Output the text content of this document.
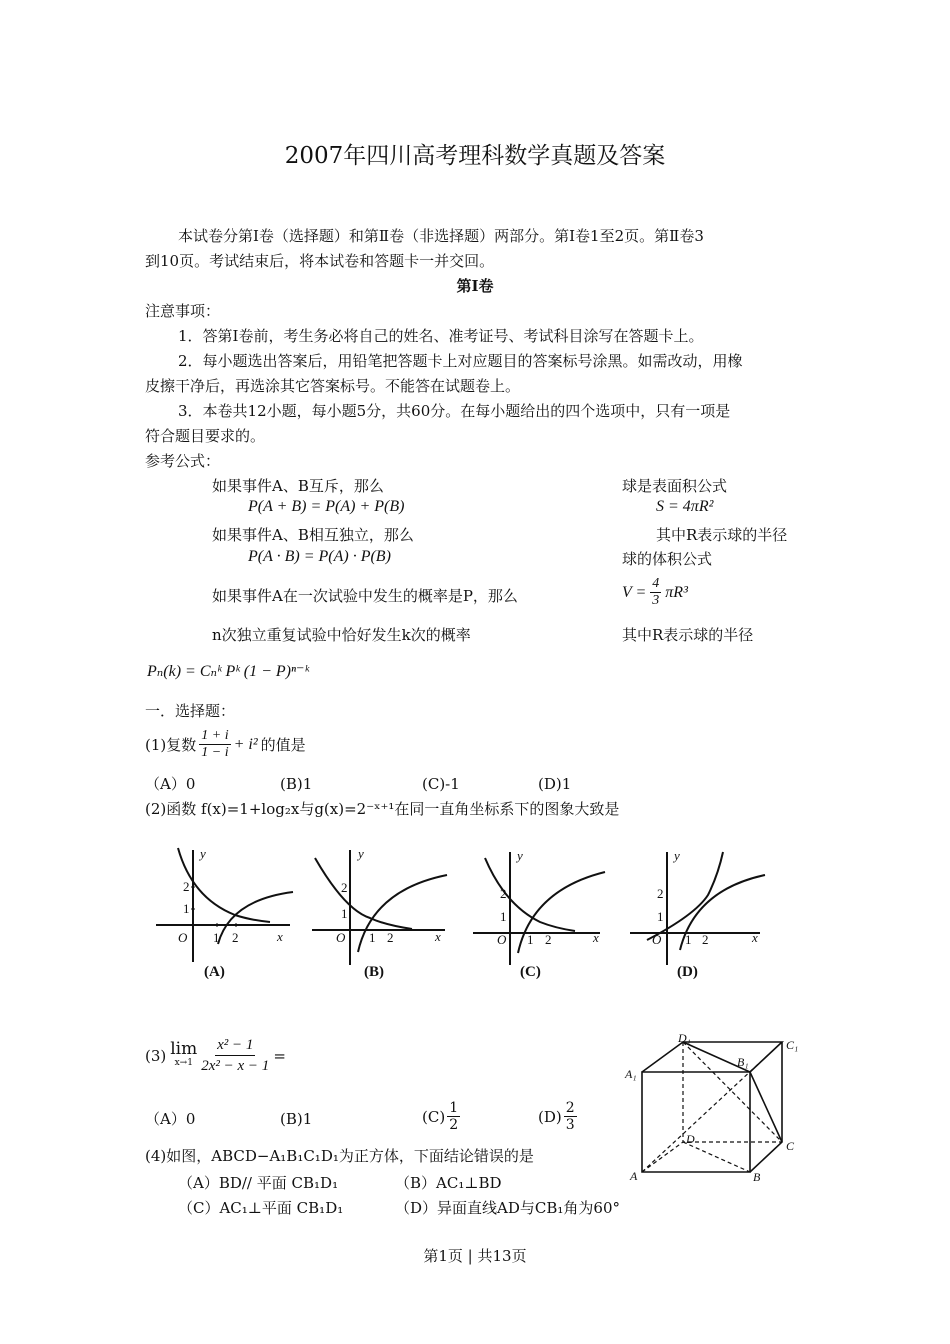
2007年四川高考理科数学真题及答案
本试卷分第Ⅰ卷（选择题）和第Ⅱ卷（非选择题）两部分。第Ⅰ卷1至2页。第Ⅱ卷3
到10页。考试结束后，将本试卷和答题卡一并交回。
第Ⅰ卷
注意事项：
1．答第Ⅰ卷前，考生务必将自己的姓名、准考证号、考试科目涂写在答题卡上。
2．每小题选出答案后，用铅笔把答题卡上对应题目的答案标号涂黑。如需改动，用橡
皮擦干净后，再选涂其它答案标号。不能答在试题卷上。
3．本卷共12小题，每小题5分，共60分。在每小题给出的四个选项中，只有一项是
符合题目要求的。
参考公式：
如果事件A、B互斥，那么
P(A + B) = P(A) + P(B)
如果事件A、B相互独立，那么
P(A · B) = P(A) · P(B)
如果事件A在一次试验中发生的概率是P，那么
n次独立重复试验中恰好发生k次的概率
Pₙ(k) = Cₙᵏ Pᵏ (1 − P)ⁿ⁻ᵏ
球是表面积公式
S = 4πR²
其中R表示球的半径
球的体积公式
$V = \frac{4}{3} \pi R^3$
其中R表示球的半径
一．选择题：
(1)复数 $\frac{1 + i}{1 - i} + i^2$ 的值是
（A）0	(B)1	(C)-1	(D)1
(2)函数 f(x)=1+log₂x与g(x)=2⁻ˣ⁺¹在同一直角坐标系下的图象大致是
y
x
O
y
x
O
y
x
O
y
x
O
2
1
1 2
2
1
1 2
2
1
1 2
2
1
1 2
(A)	(B)	(C)	(D)
(3) lim
$x\to 1 \frac{\text{x² − 1}}{\text{2x² − x − 1}}$ =
（A）0	(B)1	$(C) \frac{1}{2}$	$(D) \frac{2}{3}$
A	B
C
D
A₁
B₁
C₁
D₁
(4)如图，ABCD−A₁B₁C₁D₁为正方体，下面结论错误的是
（A）BD// 平面 CB₁D₁	（B）AC₁⊥BD
（C）AC₁⊥平面 CB₁D₁	（D）异面直线AD与CB₁角为60°
第1页 | 共13页
